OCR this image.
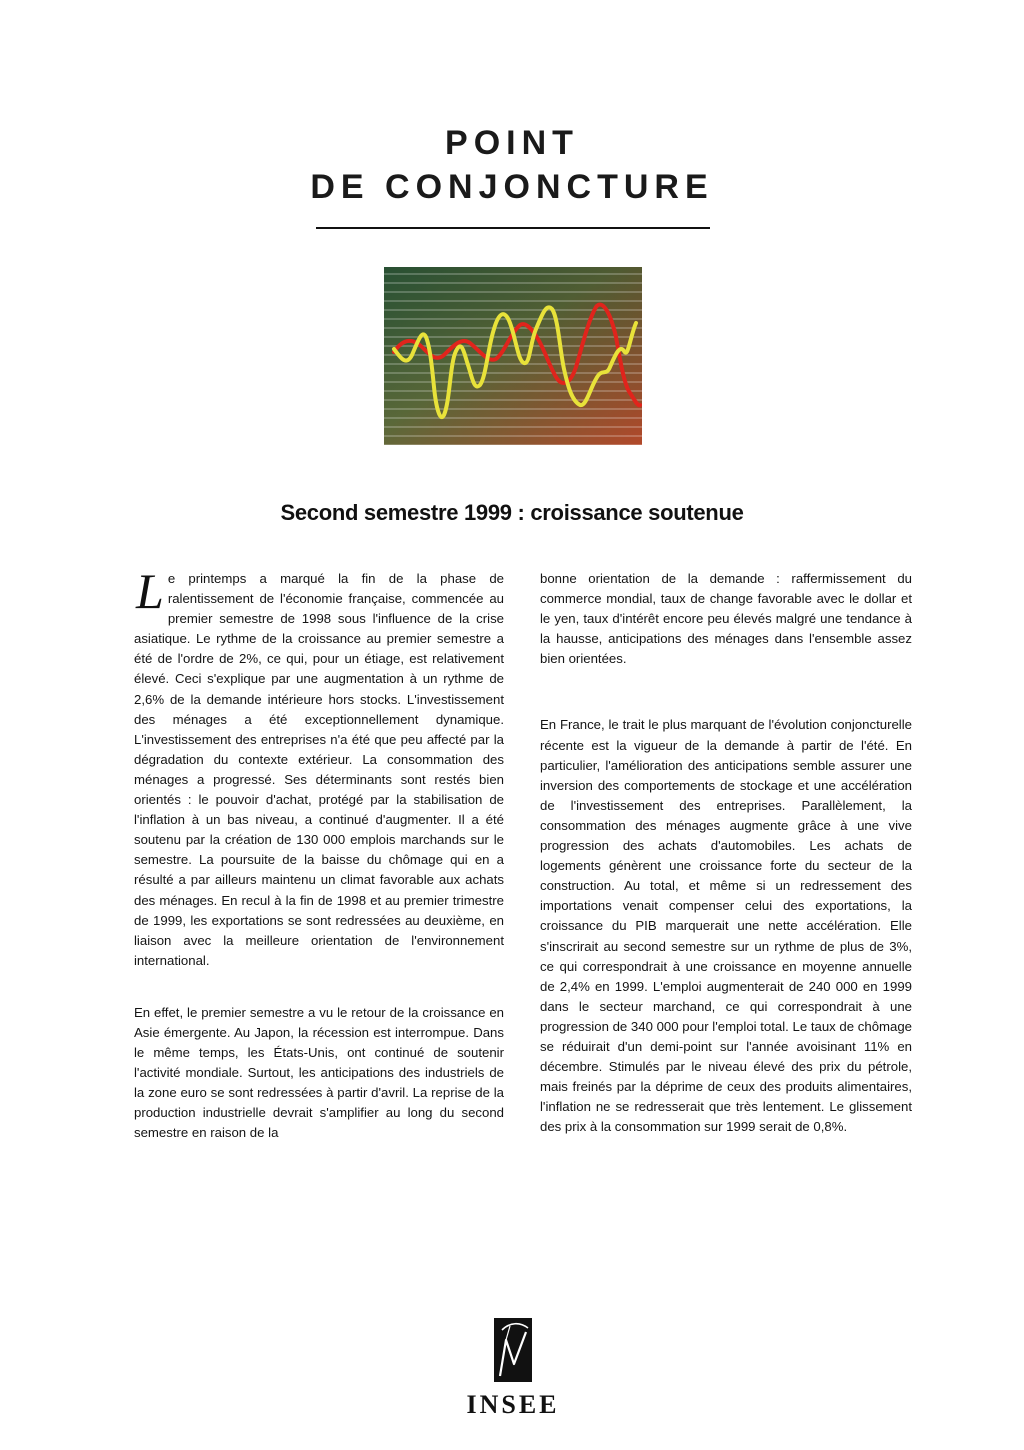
POINT
DE CONJONCTURE
Second semestre 1999 : croissance soutenue

Le printemps a marqué la fin de la phase de ralentissement de l'économie française, commencée au premier semestre de 1998 sous l'influence de la crise asiatique. Le rythme de la croissance au premier semestre a été de l'ordre de 2%, ce qui, pour un étiage, est relativement élevé. Ceci s'explique par une augmentation à un rythme de 2,6% de la demande intérieure hors stocks. L'investissement des ménages a été exceptionnellement dynamique. L'investissement des entreprises n'a été que peu affecté par la dégradation du contexte extérieur. La consommation des ménages a progressé. Ses déterminants sont restés bien orientés : le pouvoir d'achat, protégé par la stabilisation de l'inflation à un bas niveau, a continué d'augmenter. Il a été soutenu par la création de 130 000 emplois marchands sur le semestre. La poursuite de la baisse du chômage qui en a résulté a par ailleurs maintenu un climat favorable aux achats des ménages. En recul à la fin de 1998 et au premier trimestre de 1999, les exportations se sont redressées au deuxième, en liaison avec la meilleure orientation de l'environnement international.

En effet, le premier semestre a vu le retour de la croissance en Asie émergente. Au Japon, la récession est interrompue. Dans le même temps, les États-Unis, ont continué de soutenir l'activité mondiale. Surtout, les anticipations des industriels de la zone euro se sont redressées à partir d'avril. La reprise de la production industrielle devrait s'amplifier au long du second semestre en raison de la

bonne orientation de la demande : raffermissement du commerce mondial, taux de change favorable avec le dollar et le yen, taux d'intérêt encore peu élevés malgré une tendance à la hausse, anticipations des ménages dans l'ensemble assez bien orientées.

En France, le trait le plus marquant de l'évolution conjoncturelle récente est la vigueur de la demande à partir de l'été. En particulier, l'amélioration des anticipations semble assurer une inversion des comportements de stockage et une accélération de l'investissement des entreprises. Parallèlement, la consommation des ménages augmente grâce à une vive progression des achats d'automobiles. Les achats de logements génèrent une croissance forte du secteur de la construction. Au total, et même si un redressement des importations venait compenser celui des exportations, la croissance du PIB marquerait une nette accélération. Elle s'inscrirait au second semestre sur un rythme de plus de 3%, ce qui correspondrait à une croissance en moyenne annuelle de 2,4% en 1999. L'emploi augmenterait de 240 000 en 1999 dans le secteur marchand, ce qui correspondrait à une progression de 340 000 pour l'emploi total. Le taux de chômage se réduirait d'un demi-point sur l'année avoisinant 11% en décembre. Stimulés par le niveau élevé des prix du pétrole, mais freinés par la déprime de ceux des produits alimentaires, l'inflation ne se redresserait que très lentement. Le glissement des prix à la consommation sur 1999 serait de 0,8%.

INSEE
